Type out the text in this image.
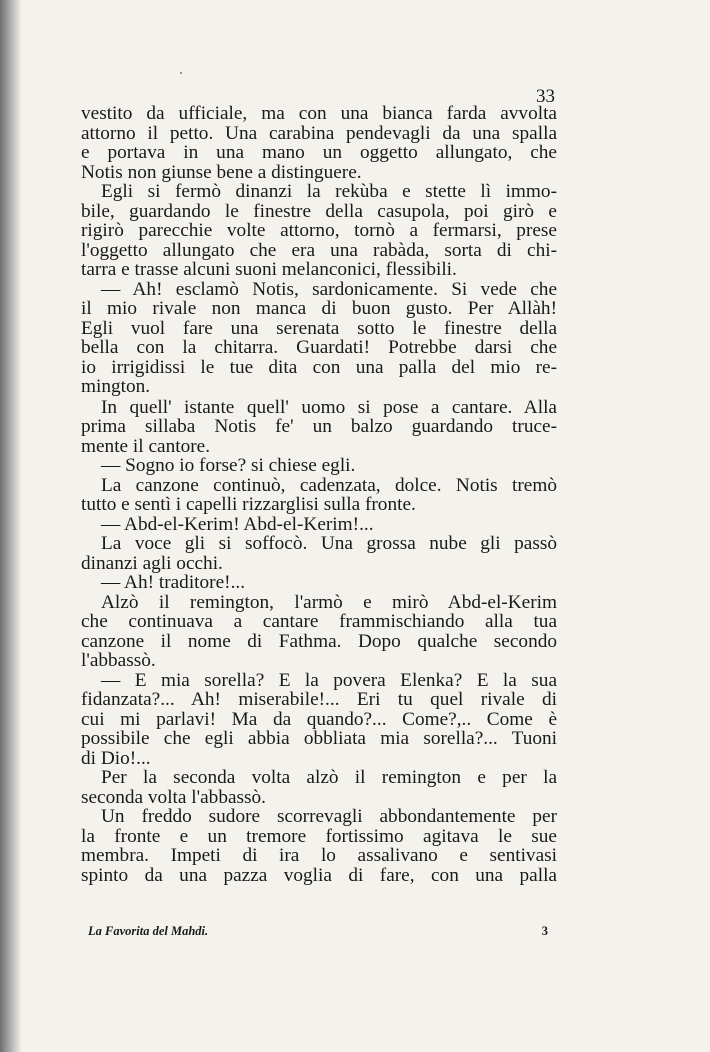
33
vestito da ufficiale, ma con una bianca farda avvolta
attorno il petto. Una carabina pendevagli da una spalla
e portava in una mano un oggetto allungato, che
Notis non giunse bene a distinguere.
Egli si fermò dinanzi la rekùba e stette lì immo-
bile, guardando le finestre della casupola, poi girò e
rigirò parecchie volte attorno, tornò a fermarsi, prese
l'oggetto allungato che era una rabàda, sorta di chi-
tarra e trasse alcuni suoni melanconici, flessibili.
— Ah! esclamò Notis, sardonicamente. Si vede che
il mio rivale non manca di buon gusto. Per Allàh!
Egli vuol fare una serenata sotto le finestre della
bella con la chitarra. Guardati! Potrebbe darsi che
io irrigidissi le tue dita con una palla del mio re-
mington.
In quell' istante quell' uomo si pose a cantare. Alla
prima sillaba Notis fe' un balzo guardando truce-
mente il cantore.
— Sogno io forse? si chiese egli.
La canzone continuò, cadenzata, dolce. Notis tremò
tutto e sentì i capelli rizzarglisi sulla fronte.
— Abd-el-Kerim! Abd-el-Kerim!...
La voce gli si soffocò. Una grossa nube gli passò
dinanzi agli occhi.
— Ah! traditore!...
Alzò il remington, l'armò e mirò Abd-el-Kerim
che continuava a cantare frammischiando alla tua
canzone il nome di Fathma. Dopo qualche secondo
l'abbassò.
— E mia sorella? E la povera Elenka? E la sua
fidanzata?... Ah! miserabile!... Eri tu quel rivale di
cui mi parlavi! Ma da quando?... Come?,.. Come è
possibile che egli abbia obbliata mia sorella?... Tuoni
di Dio!...
Per la seconda volta alzò il remington e per la
seconda volta l'abbassò.
Un freddo sudore scorrevagli abbondantemente per
la fronte e un tremore fortissimo agitava le sue
membra. Impeti di ira lo assalivano e sentivasi
spinto da una pazza voglia di fare, con una palla
La Favorita del Mahdi.	3
